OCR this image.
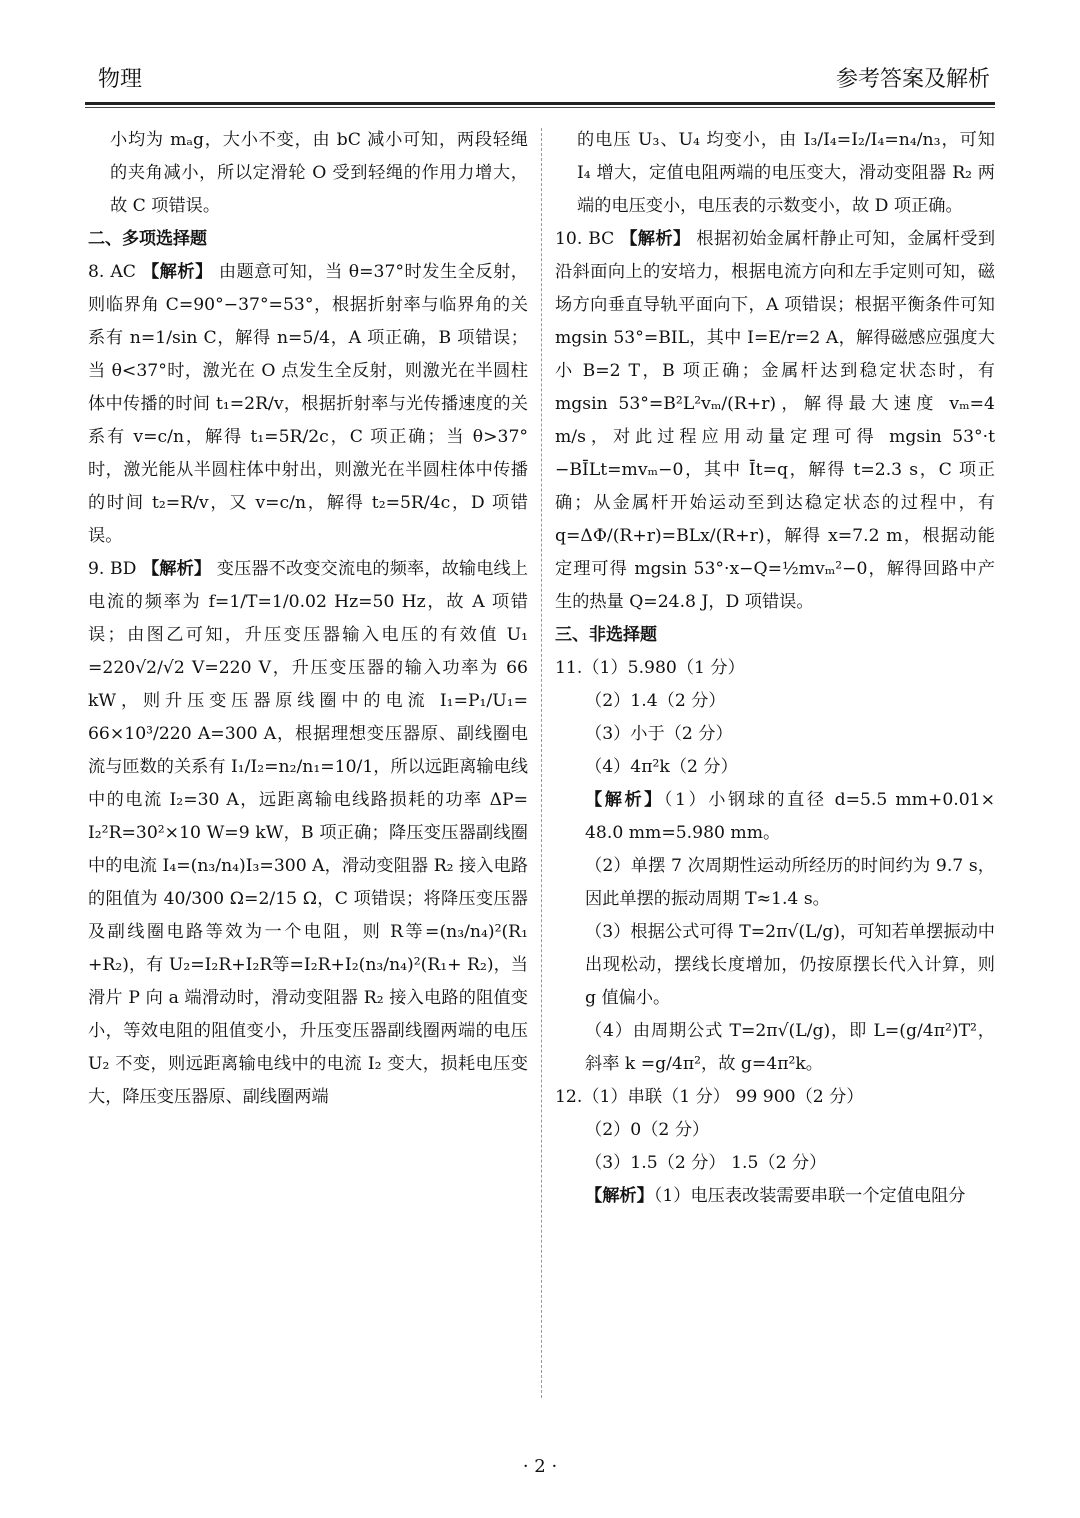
物理	参考答案及解析

小均为 mₐg，大小不变，由 bC 减小可知，两段轻绳的夹角减小，所以定滑轮 O 受到轻绳的作用力增大，故 C 项错误。

二、多项选择题

8. AC 【解析】 由题意可知，当 θ=37°时发生全反射，则临界角 C=90°−37°=53°，根据折射率与临界角的关系有 n=1/sin C，解得 n=5/4，A 项正确，B 项错误；当 θ<37°时，激光在 O 点发生全反射，则激光在半圆柱体中传播的时间 t₁=2R/v，根据折射率与光传播速度的关系有 v=c/n，解得 t₁=5R/2c，C 项正确；当 θ>37°时，激光能从半圆柱体中射出，则激光在半圆柱体中传播的时间 t₂=R/v，又 v=c/n，解得 t₂=5R/4c，D 项错误。

9. BD 【解析】 变压器不改变交流电的频率，故输电线上电流的频率为 f=1/T=1/0.02 Hz=50 Hz，故 A 项错误；由图乙可知，升压变压器输入电压的有效值 U₁ =220√2/√2 V=220 V，升压变压器的输入功率为 66 kW，则升压变压器原线圈中的电流 I₁=P₁/U₁= 66×10³/220 A=300 A，根据理想变压器原、副线圈电流与匝数的关系有 I₁/I₂=n₂/n₁=10/1，所以远距离输电线中的电流 I₂=30 A，远距离输电线路损耗的功率 ΔP= I₂²R=30²×10 W=9 kW，B 项正确；降压变压器副线圈中的电流 I₄=(n₃/n₄)I₃=300 A，滑动变阻器 R₂ 接入电路的阻值为 40/300 Ω=2/15 Ω，C 项错误；将降压变压器及副线圈电路等效为一个电阻，则 R等=(n₃/n₄)²(R₁ +R₂)，有 U₂=I₂R+I₂R等=I₂R+I₂(n₃/n₄)²(R₁+ R₂)，当滑片 P 向 a 端滑动时，滑动变阻器 R₂ 接入电路的阻值变小，等效电阻的阻值变小，升压变压器副线圈两端的电压 U₂ 不变，则远距离输电线中的电流 I₂ 变大，损耗电压变大，降压变压器原、副线圈两端

的电压 U₃、U₄ 均变小，由 I₃/I₄=I₂/I₄=n₄/n₃，可知 I₄ 增大，定值电阻两端的电压变大，滑动变阻器 R₂ 两端的电压变小，电压表的示数变小，故 D 项正确。

10. BC 【解析】 根据初始金属杆静止可知，金属杆受到沿斜面向上的安培力，根据电流方向和左手定则可知，磁场方向垂直导轨平面向下，A 项错误；根据平衡条件可知 mgsin 53°=BIL，其中 I=E/r=2 A，解得磁感应强度大小 B=2 T，B 项正确；金属杆达到稳定状态时，有 mgsin 53°=B²L²vₘ/(R+r)，解得最大速度 vₘ=4 m/s，对此过程应用动量定理可得 mgsin 53°·t −BĪLt=mvₘ−0，其中 Īt=q，解得 t=2.3 s，C 项正确；从金属杆开始运动至到达稳定状态的过程中，有 q=ΔΦ/(R+r)=BLx/(R+r)，解得 x=7.2 m，根据动能定理可得 mgsin 53°·x−Q=½mvₘ²−0，解得回路中产生的热量 Q=24.8 J，D 项错误。

三、非选择题

11.（1）5.980（1 分）

（2）1.4（2 分）

（3）小于（2 分）

（4）4π²k（2 分）

【解析】（1）小钢球的直径 d=5.5 mm+0.01× 48.0 mm=5.980 mm。

（2）单摆 7 次周期性运动所经历的时间约为 9.7 s，因此单摆的振动周期 T≈1.4 s。

（3）根据公式可得 T=2π√(L/g)，可知若单摆振动中出现松动，摆线长度增加，仍按原摆长代入计算，则 g 值偏小。

（4）由周期公式 T=2π√(L/g)，即 L=(g/4π²)T²，斜率 k =g/4π²，故 g=4π²k。

12.（1）串联（1 分） 99 900（2 分）

（2）0（2 分）

（3）1.5（2 分） 1.5（2 分）

【解析】（1）电压表改装需要串联一个定值电阻分

· 2 ·
